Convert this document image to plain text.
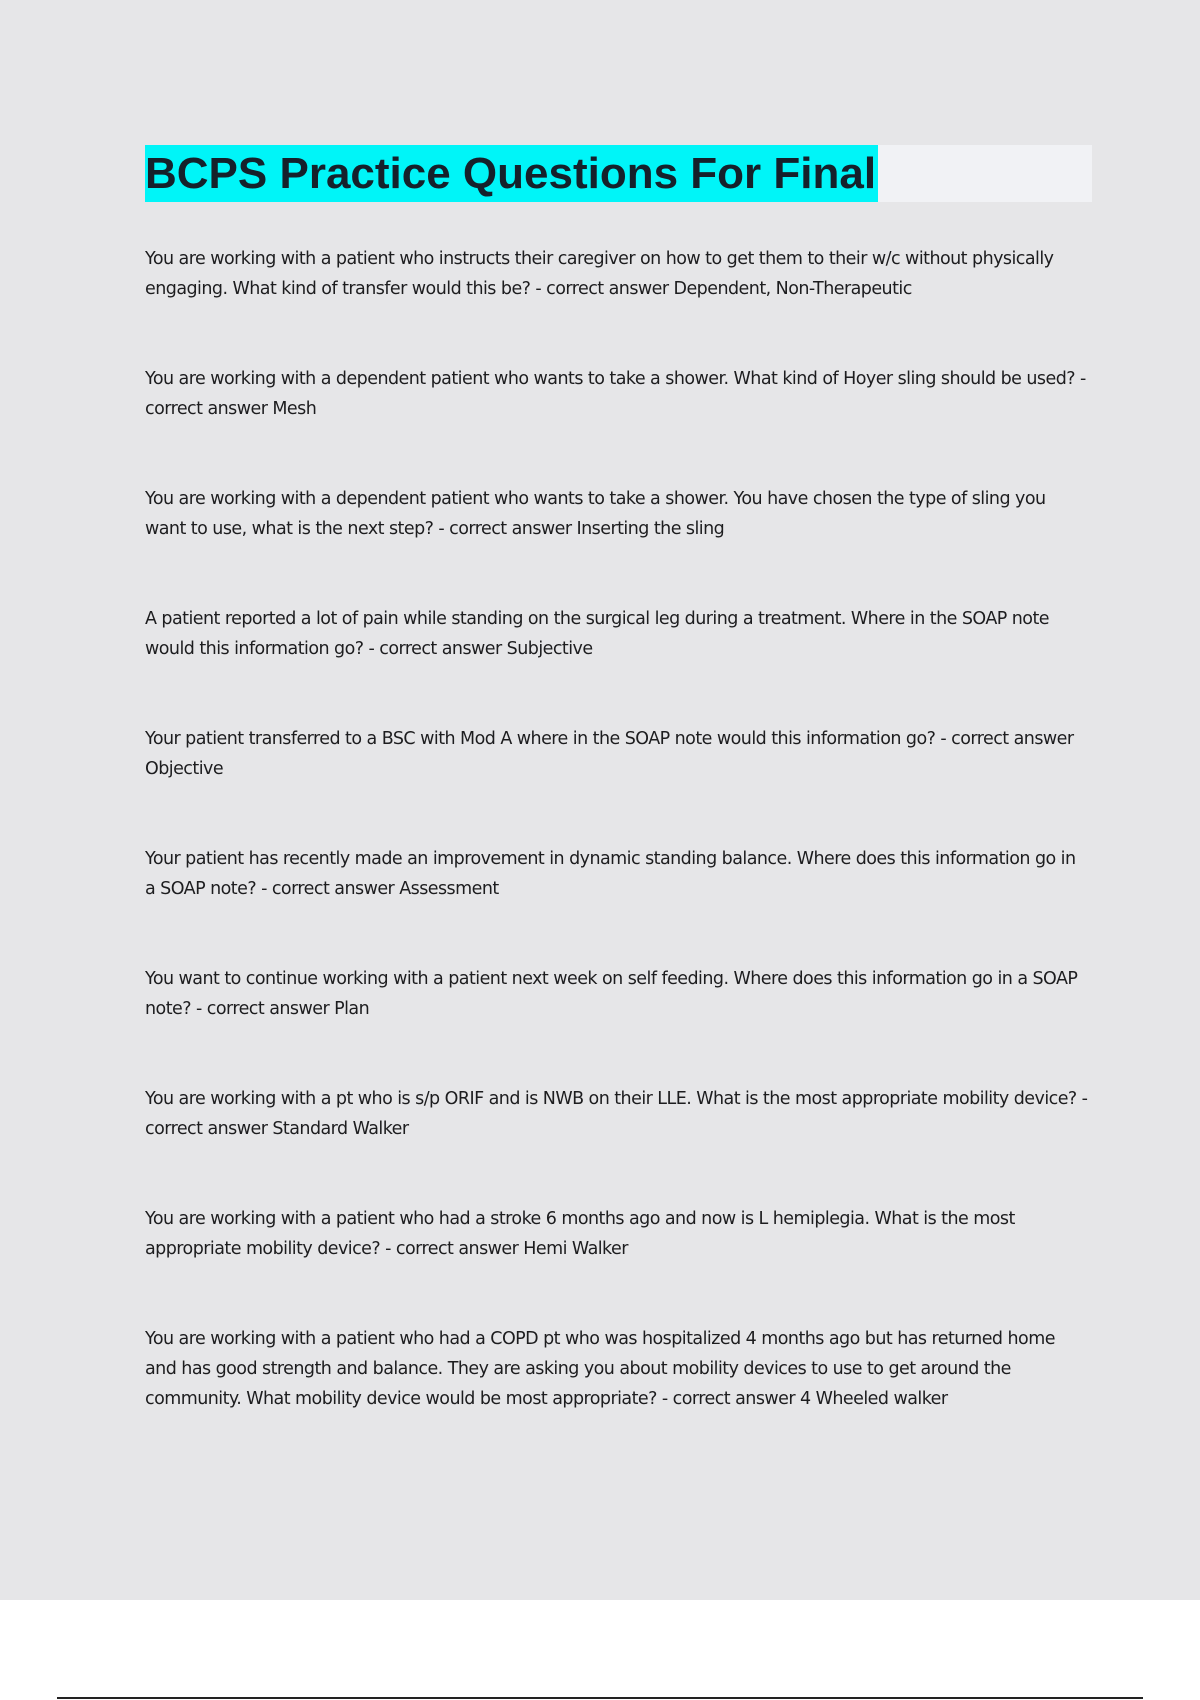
BCPS Practice Questions For Final

You are working with a patient who instructs their caregiver on how to get them to their w/c without physically engaging. What kind of transfer would this be? - correct answer Dependent, Non-Therapeutic

You are working with a dependent patient who wants to take a shower. What kind of Hoyer sling should be used? - correct answer Mesh

You are working with a dependent patient who wants to take a shower. You have chosen the type of sling you want to use, what is the next step? - correct answer Inserting the sling

A patient reported a lot of pain while standing on the surgical leg during a treatment. Where in the SOAP note would this information go? - correct answer Subjective

Your patient transferred to a BSC with Mod A where in the SOAP note would this information go? - correct answer Objective

Your patient has recently made an improvement in dynamic standing balance. Where does this information go in a SOAP note? - correct answer Assessment

You want to continue working with a patient next week on self feeding. Where does this information go in a SOAP note? - correct answer Plan

You are working with a pt who is s/p ORIF and is NWB on their LLE. What is the most appropriate mobility device? - correct answer Standard Walker

You are working with a patient who had a stroke 6 months ago and now is L hemiplegia. What is the most appropriate mobility device? - correct answer Hemi Walker

You are working with a patient who had a COPD pt who was hospitalized 4 months ago but has returned home and has good strength and balance. They are asking you about mobility devices to use to get around the community. What mobility device would be most appropriate? - correct answer 4 Wheeled walker
